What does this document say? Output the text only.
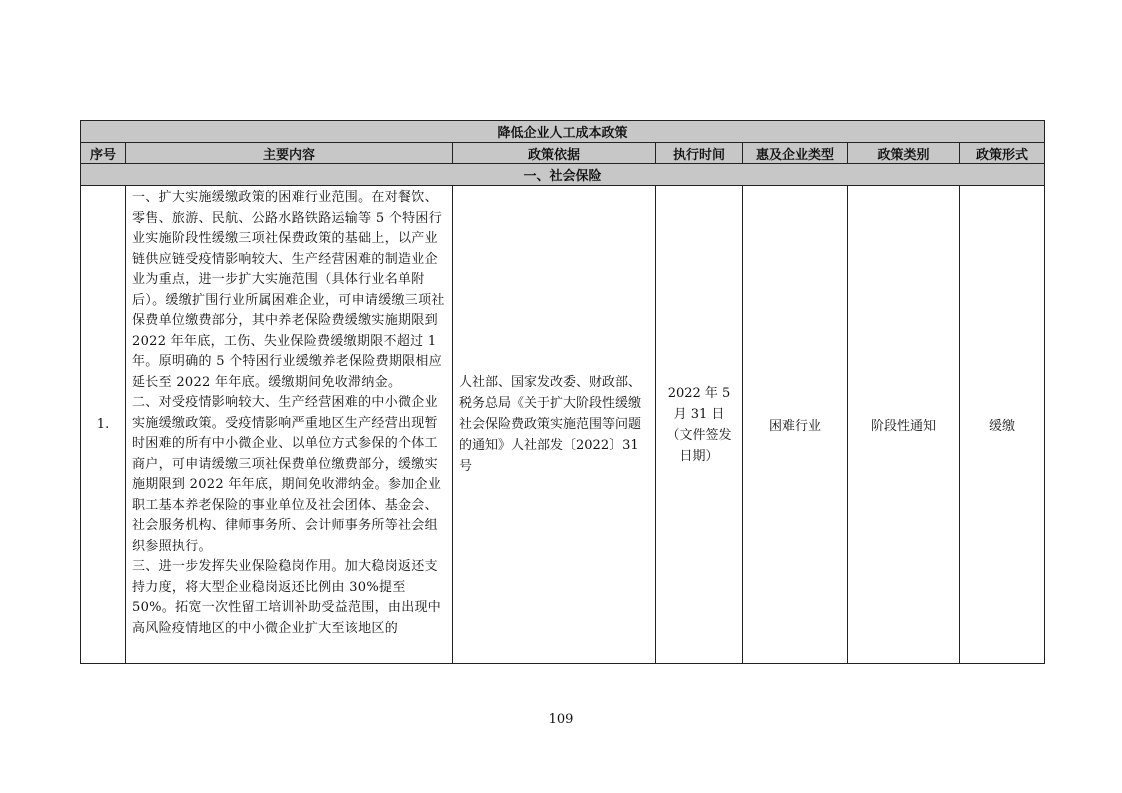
降低企业人工成本政策						
序号	主要内容	政策依据	执行时间	惠及企业类型	政策类别	政策形式
一、社会保险						
1.	一、扩大实施缓缴政策的困难行业范围。在对餐饮、零售、旅游、民航、公路水路铁路运输等 5 个特困行业实施阶段性缓缴三项社保费政策的基础上，以产业链供应链受疫情影响较大、生产经营困难的制造业企业为重点，进一步扩大实施范围（具体行业名单附后）。缓缴扩围行业所属困难企业，可申请缓缴三项社保费单位缴费部分，其中养老保险费缓缴实施期限到 2022 年年底，工伤、失业保险费缓缴期限不超过 1 年。原明确的 5 个特困行业缓缴养老保险费期限相应延长至 2022 年年底。缓缴期间免收滞纳金。

二、对受疫情影响较大、生产经营困难的中小微企业实施缓缴政策。受疫情影响严重地区生产经营出现暂时困难的所有中小微企业、以单位方式参保的个体工商户，可申请缓缴三项社保费单位缴费部分，缓缴实施期限到 2022 年年底，期间免收滞纳金。参加企业职工基本养老保险的事业单位及社会团体、基金会、社会服务机构、律师事务所、会计师事务所等社会组织参照执行。

三、进一步发挥失业保险稳岗作用。加大稳岗返还支持力度，将大型企业稳岗返还比例由 30%提至 50%。拓宽一次性留工培训补助受益范围，由出现中高风险疫情地区的中小微企业扩大至该地区的	人社部、国家发改委、财政部、税务总局《关于扩大阶段性缓缴社会保险费政策实施范围等问题的通知》人社部发〔2022〕31 号	2022 年 5 月 31 日（文件签发日期）	困难行业	阶段性通知	缓缴
109
